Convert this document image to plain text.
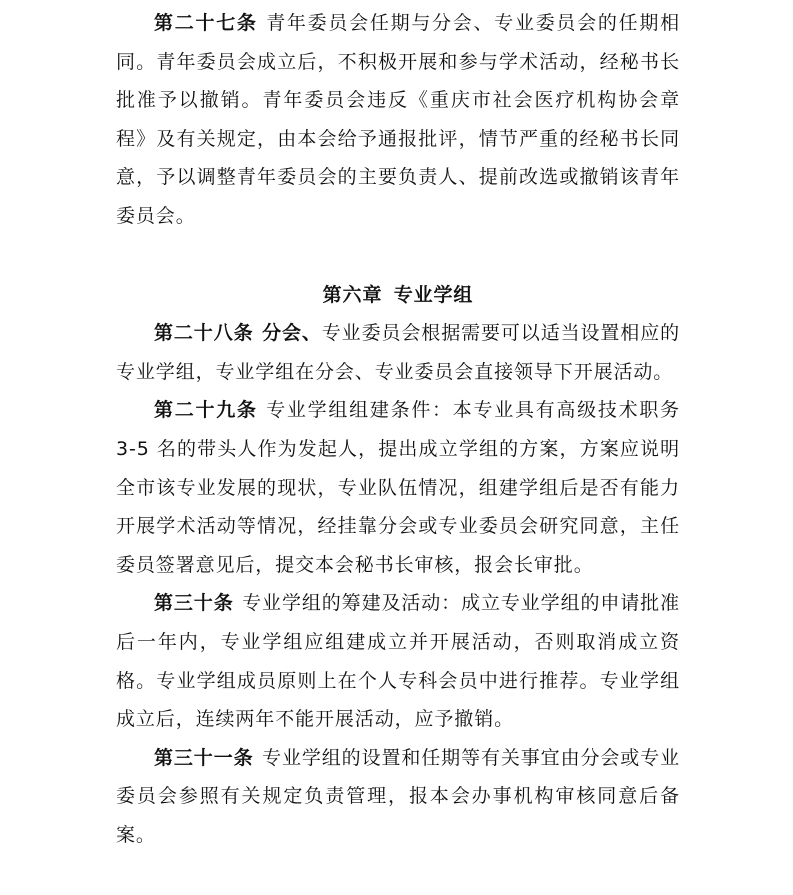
第二十七条 青年委员会任期与分会、专业委员会的任期相同。青年委员会成立后，不积极开展和参与学术活动，经秘书长批准予以撤销。青年委员会违反《重庆市社会医疗机构协会章程》及有关规定，由本会给予通报批评，情节严重的经秘书长同意，予以调整青年委员会的主要负责人、提前改选或撤销该青年委员会。

第六章 专业学组

第二十八条 分会、专业委员会根据需要可以适当设置相应的专业学组，专业学组在分会、专业委员会直接领导下开展活动。

第二十九条 专业学组组建条件：本专业具有高级技术职务 3-5 名的带头人作为发起人，提出成立学组的方案，方案应说明全市该专业发展的现状，专业队伍情况，组建学组后是否有能力开展学术活动等情况，经挂靠分会或专业委员会研究同意，主任委员签署意见后，提交本会秘书长审核，报会长审批。

第三十条 专业学组的筹建及活动：成立专业学组的申请批准后一年内，专业学组应组建成立并开展活动，否则取消成立资格。专业学组成员原则上在个人专科会员中进行推荐。专业学组成立后，连续两年不能开展活动，应予撤销。

第三十一条 专业学组的设置和任期等有关事宜由分会或专业委员会参照有关规定负责管理，报本会办事机构审核同意后备案。
